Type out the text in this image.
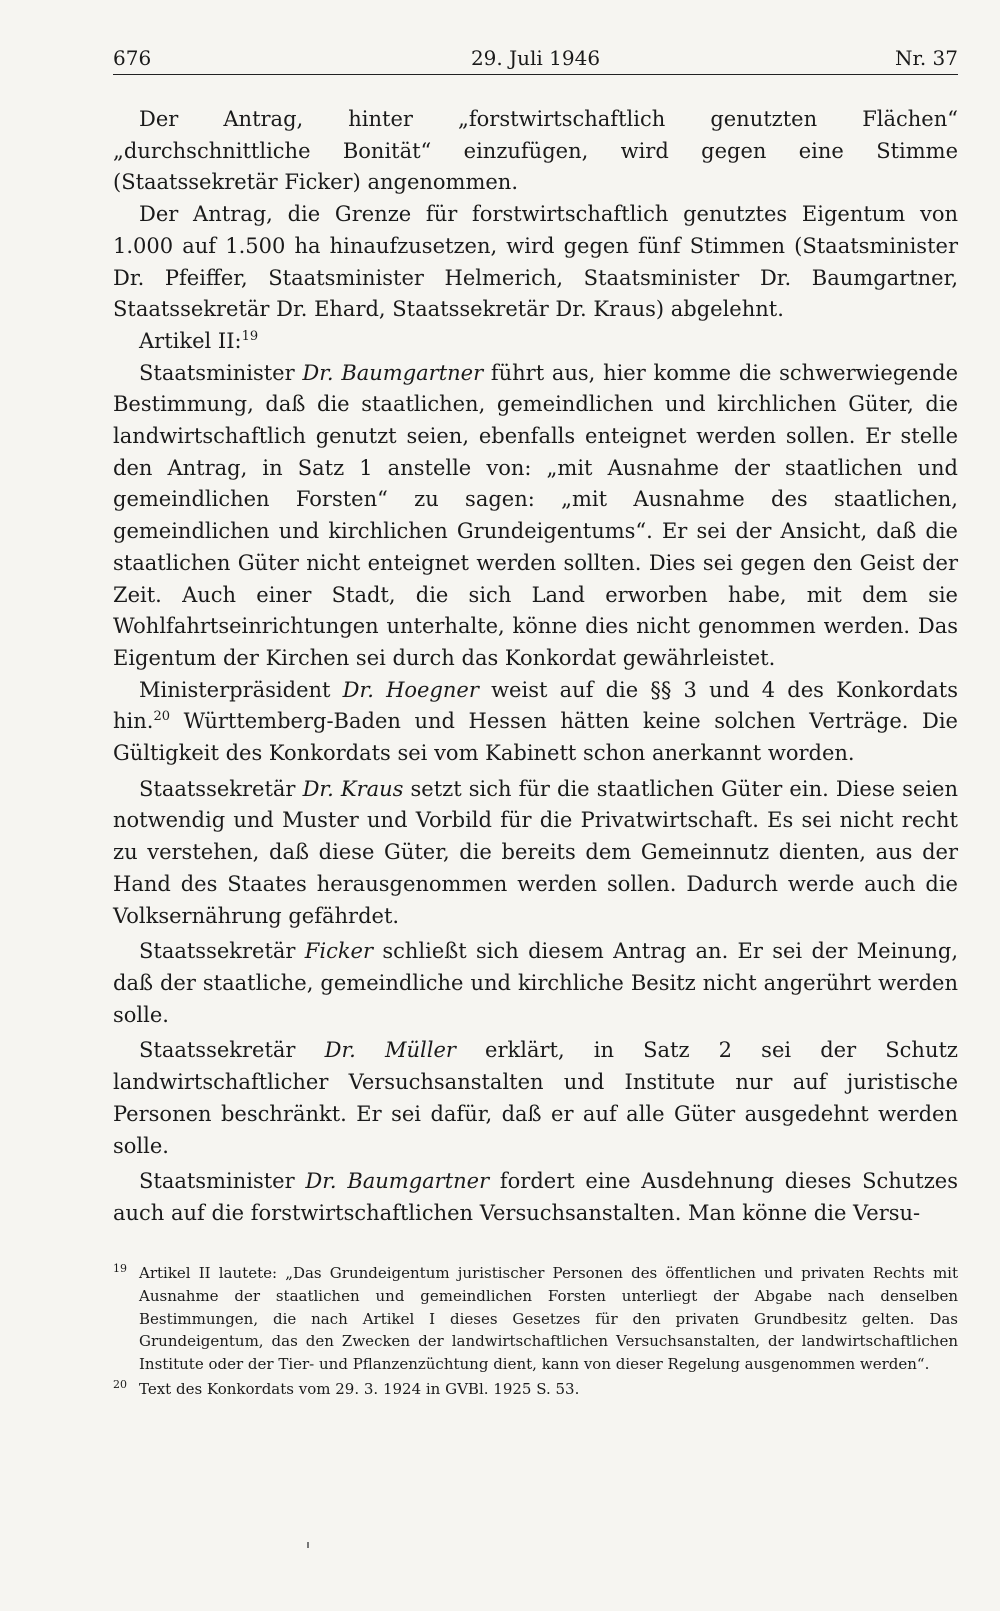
676	29. Juli 1946	Nr. 37

Der Antrag, hinter „forstwirtschaftlich genutzten Flächen“ „durchschnittliche Bonität“ einzufügen, wird gegen eine Stimme (Staatssekretär Ficker) angenommen.

Der Antrag, die Grenze für forstwirtschaftlich genutztes Eigentum von 1.000 auf 1.500 ha hinaufzusetzen, wird gegen fünf Stimmen (Staatsminister Dr. Pfeiffer, Staatsminister Helmerich, Staatsminister Dr. Baumgartner, Staatssekretär Dr. Ehard, Staatssekretär Dr. Kraus) abgelehnt.

Artikel II:$^{19}$

Staatsminister Dr. Baumgartner führt aus, hier komme die schwerwiegende Bestimmung, daß die staatlichen, gemeindlichen und kirchlichen Güter, die landwirtschaftlich genutzt seien, ebenfalls enteignet werden sollen. Er stelle den Antrag, in Satz 1 anstelle von: „mit Ausnahme der staatlichen und gemeindlichen Forsten“ zu sagen: „mit Ausnahme des staatlichen, gemeindlichen und kirchlichen Grundeigentums“. Er sei der Ansicht, daß die staatlichen Güter nicht enteignet werden sollten. Dies sei gegen den Geist der Zeit. Auch einer Stadt, die sich Land erworben habe, mit dem sie Wohlfahrtseinrichtungen unterhalte, könne dies nicht genommen werden. Das Eigentum der Kirchen sei durch das Konkordat gewährleistet.

Ministerpräsident Dr. Hoegner weist auf die §§ 3 und 4 des Konkordats hin.$^{20}$ Württemberg-Baden und Hessen hätten keine solchen Verträge. Die Gültigkeit des Konkordats sei vom Kabinett schon anerkannt worden.

Staatssekretär Dr. Kraus setzt sich für die staatlichen Güter ein. Diese seien notwendig und Muster und Vorbild für die Privatwirtschaft. Es sei nicht recht zu verstehen, daß diese Güter, die bereits dem Gemeinnutz dienten, aus der Hand des Staates herausgenommen werden sollen. Dadurch werde auch die Volksernährung gefährdet.

Staatssekretär Ficker schließt sich diesem Antrag an. Er sei der Meinung, daß der staatliche, gemeindliche und kirchliche Besitz nicht angerührt werden solle.

Staatssekretär Dr. Müller erklärt, in Satz 2 sei der Schutz landwirtschaftlicher Versuchsanstalten und Institute nur auf juristische Personen beschränkt. Er sei dafür, daß er auf alle Güter ausgedehnt werden solle.

Staatsminister Dr. Baumgartner fordert eine Ausdehnung dieses Schutzes auch auf die forstwirtschaftlichen Versuchsanstalten. Man könne die Versu-

19 Artikel II lautete: „Das Grundeigentum juristischer Personen des öffentlichen und privaten Rechts mit Ausnahme der staatlichen und gemeindlichen Forsten unterliegt der Abgabe nach denselben Bestimmungen, die nach Artikel I dieses Gesetzes für den privaten Grundbesitz gelten. Das Grundeigentum, das den Zwecken der landwirtschaftlichen Versuchsanstalten, der landwirtschaftlichen Institute oder der Tier- und Pflanzenzüchtung dient, kann von dieser Regelung ausgenommen werden“.
20 Text des Konkordats vom 29. 3. 1924 in GVBl. 1925 S. 53.
